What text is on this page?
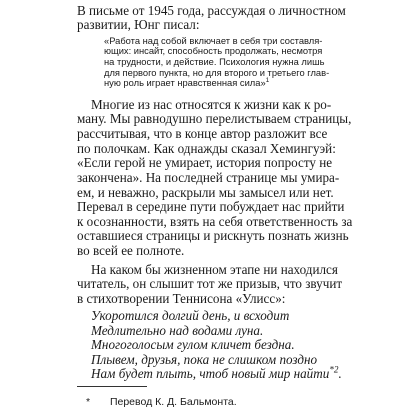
В письме от 1945 года, рассуждая о личностном
развитии, Юнг писал:
«Работа над собой включает в себя три составля-
ющих: инсайт, способность продолжать, несмотря
на трудности, и действие. Психология нужна лишь
для первого пункта, но для второго и третьего глав-
ную роль играет нравственная сила»$^1$
Многие из нас относятся к жизни как к ро-
ману. Мы равнодушно перелистываем страницы,
рассчитывая, что в конце автор разложит все
по полочкам. Как однажды сказал Хемингуэй:
«Если герой не умирает, история попросту не
закончена». На последней странице мы умира-
ем, и неважно, раскрыли мы замысел или нет.
Перевал в середине пути побуждает нас прийти
к осознанности, взять на себя ответственность за
оставшиеся страницы и рискнуть познать жизнь
во всей ее полноте.
На каком бы жизненном этапе ни находился
читатель, он слышит тот же призыв, что звучит
в стихотворении Теннисона «Улисс»:
* Перевод К. Д. Бальмонта.
Укоротился долгий день, и всходит
Медлительно над водами луна.
Многоголосым гулом кличет бездна.
Плывем, друзья, пока не слишком поздно
Нам будет плыть, чтоб новый мир найти$^{*2}$.
